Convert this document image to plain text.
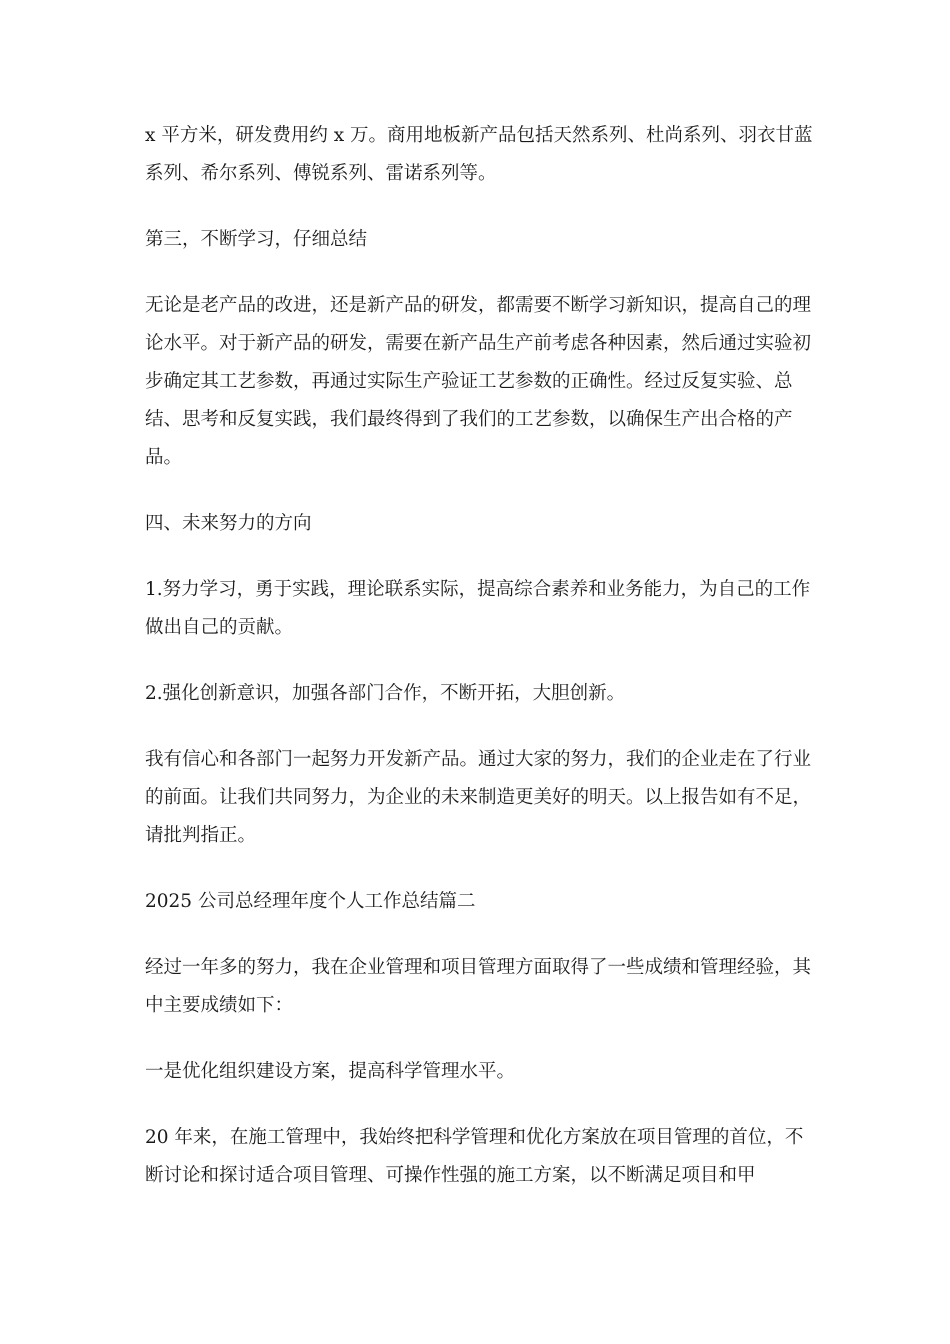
x 平方米，研发费用约 x 万。商用地板新产品包括天然系列、杜尚系列、羽衣甘蓝系列、希尔系列、傅锐系列、雷诺系列等。

第三，不断学习，仔细总结

无论是老产品的改进，还是新产品的研发，都需要不断学习新知识，提高自己的理论水平。对于新产品的研发，需要在新产品生产前考虑各种因素，然后通过实验初步确定其工艺参数，再通过实际生产验证工艺参数的正确性。经过反复实验、总结、思考和反复实践，我们最终得到了我们的工艺参数，以确保生产出合格的产品。

四、未来努力的方向

1.努力学习，勇于实践，理论联系实际，提高综合素养和业务能力，为自己的工作做出自己的贡献。

2.强化创新意识，加强各部门合作，不断开拓，大胆创新。

我有信心和各部门一起努力开发新产品。通过大家的努力，我们的企业走在了行业的前面。让我们共同努力，为企业的未来制造更美好的明天。以上报告如有不足，请批判指正。

2025 公司总经理年度个人工作总结篇二

经过一年多的努力，我在企业管理和项目管理方面取得了一些成绩和管理经验，其中主要成绩如下：

一是优化组织建设方案，提高科学管理水平。

20 年来，在施工管理中，我始终把科学管理和优化方案放在项目管理的首位，不断讨论和探讨适合项目管理、可操作性强的施工方案，以不断满足项目和甲
